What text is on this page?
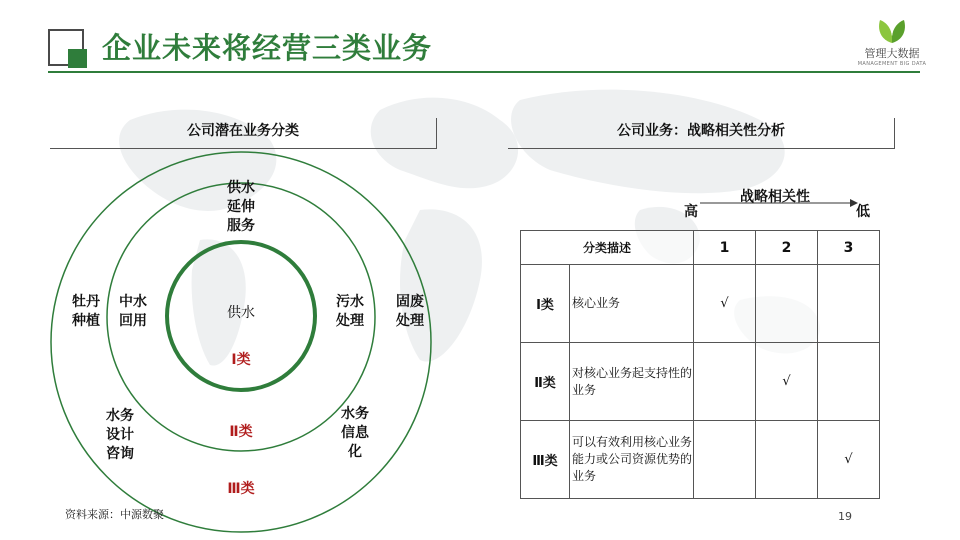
企业未来将经营三类业务	管理大数据
MANAGEMENT BIG DATA
公司潜在业务分类	公司业务：战略相关性分析
供水
Ⅰ类
供水
延伸
服务
中水
回用
污水
处理
Ⅱ类
牡丹
种植
固废
处理
水务
设计
咨询
水务
信息
化
Ⅲ类
资料来源：中源数聚
战略相关性
高	低
分类描述		1	2	3
Ⅰ类	核心业务	√		
Ⅱ类	对核心业务起支持性的业务		√	
Ⅲ类	可以有效利用核心业务能力或公司资源优势的业务			√
19
